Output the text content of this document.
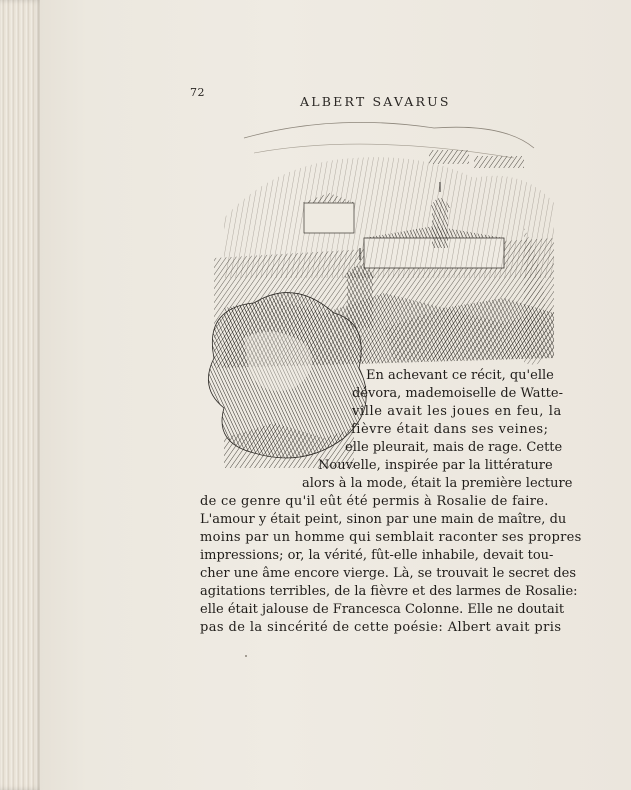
72
ALBERT SAVARUS
En achevant ce récit, qu'elle
dévora, mademoiselle de Watte-
ville avait les joues en feu, la
fièvre était dans ses veines;
elle pleurait, mais de rage. Cette
Nouvelle, inspirée par la littérature
alors à la mode, était la première lecture
de ce genre qu'il eût été permis à Rosalie de faire.
L'amour y était peint, sinon par une main de maître, du
moins par un homme qui semblait raconter ses propres
impressions; or, la vérité, fût-elle inhabile, devait tou-
cher une âme encore vierge. Là, se trouvait le secret des
agitations terribles, de la fièvre et des larmes de Rosalie:
elle était jalouse de Francesca Colonne. Elle ne doutait
pas de la sincérité de cette poésie: Albert avait pris
